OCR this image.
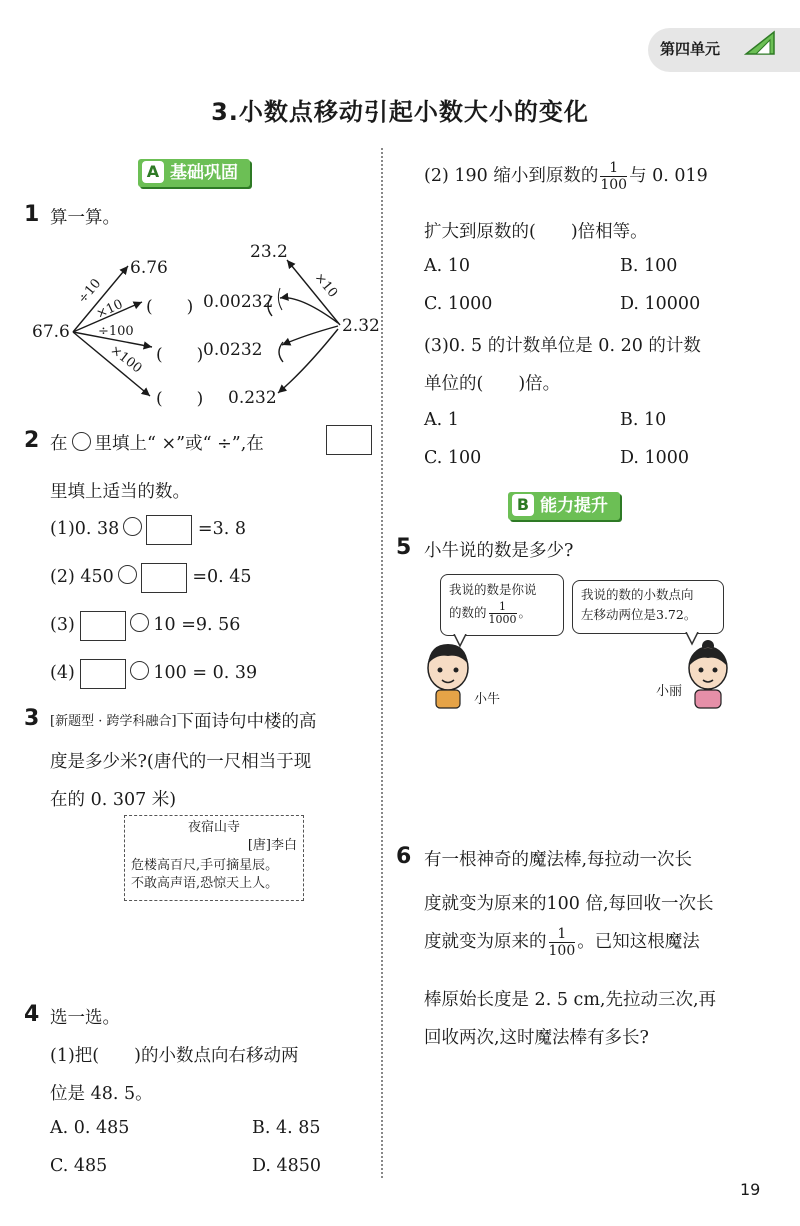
第四单元
3.小数点移动引起小数大小的变化
A 基础巩固
1 算一算。
67.6
÷10
×10
÷100
×100
6.76
(　　)
(　　)
(　　)
0.00232
0.0232
0.232
2.32
23.2
×10
2 在 里填上“ ×”或“ ÷”,在
里填上适当的数。
(1)0. 38	=3. 8
(2) 450	=0. 45
(3)	10 =9. 56
(4)	100 = 0. 39
3 [新题型 · 跨学科融合]下面诗句中楼的高
度是多少米?(唐代的一尺相当于现
在的 0. 307 米)
夜宿山寺
[唐]李白
危楼高百尺,手可摘星辰。
不敢高声语,恐惊天上人。
4 选一选。
(1)把(　　)的小数点向右移动两
位是 48. 5。
A. 0. 485	B. 4. 85
C. 485	D. 4850
(2) 190 缩小到原数的 $\frac{1}{100}$ 与 0. 019
扩大到原数的(　　)倍相等。
A. 10	B. 100
C. 1000	D. 10000
(3)0. 5 的计数单位是 0. 20 的计数
单位的(　　)倍。
A. 1	B. 10
C. 100	D. 1000
B 能力提升
5 小牛说的数是多少?
我说的数是你说
的数的 $\frac{1}{1000}$ 。
我说的数的小数点向
左移动两位是3.72。
小牛
小丽
6 有一根神奇的魔法棒,每拉动一次长
度就变为原来的100 倍,每回收一次长
度就变为原来的 $\frac{1}{100}$ 。已知这根魔法
棒原始长度是 2. 5 cm,先拉动三次,再
回收两次,这时魔法棒有多长?
19
